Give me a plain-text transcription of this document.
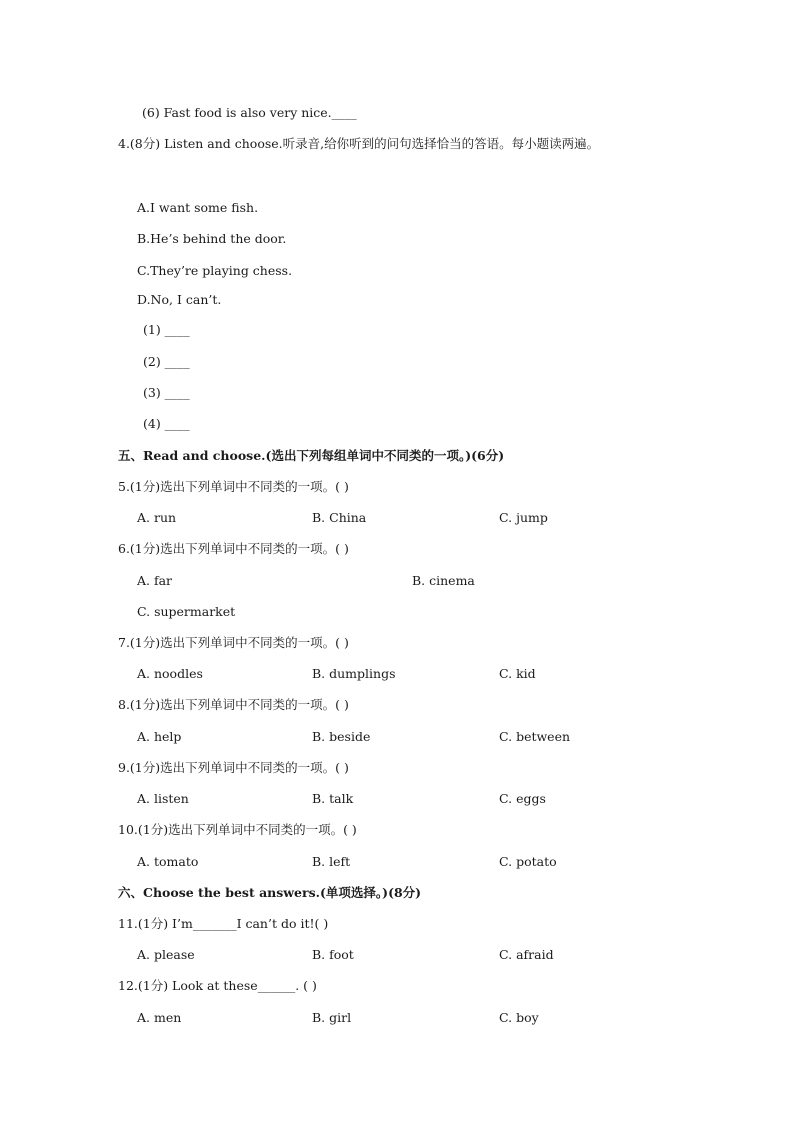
(6) Fast food is also very nice.____
4.(8分) Listen and choose.听录音,给你听到的问句选择恰当的答语。每小题读两遍。
A.I want some fish.
B.He’s behind the door.
C.They’re playing chess.
D.No, I can’t.
(1) ____
(2) ____
(3) ____
(4) ____
五、Read and choose.(选出下列每组单词中不同类的一项。)(6分)
5.(1分)选出下列单词中不同类的一项。( )
A. run	B. China	C. jump
6.(1分)选出下列单词中不同类的一项。( )
A. far	B. cinema
C. supermarket
7.(1分)选出下列单词中不同类的一项。( )
A. noodles	B. dumplings	C. kid
8.(1分)选出下列单词中不同类的一项。( )
A. help	B. beside	C. between
9.(1分)选出下列单词中不同类的一项。( )
A. listen	B. talk	C. eggs
10.(1分)选出下列单词中不同类的一项。( )
A. tomato	B. left	C. potato
六、Choose the best answers.(单项选择。)(8分)
11.(1分) I’m_______I can’t do it!( )
A. please	B. foot	C. afraid
12.(1分) Look at these______. ( )
A. men	B. girl	C. boy
